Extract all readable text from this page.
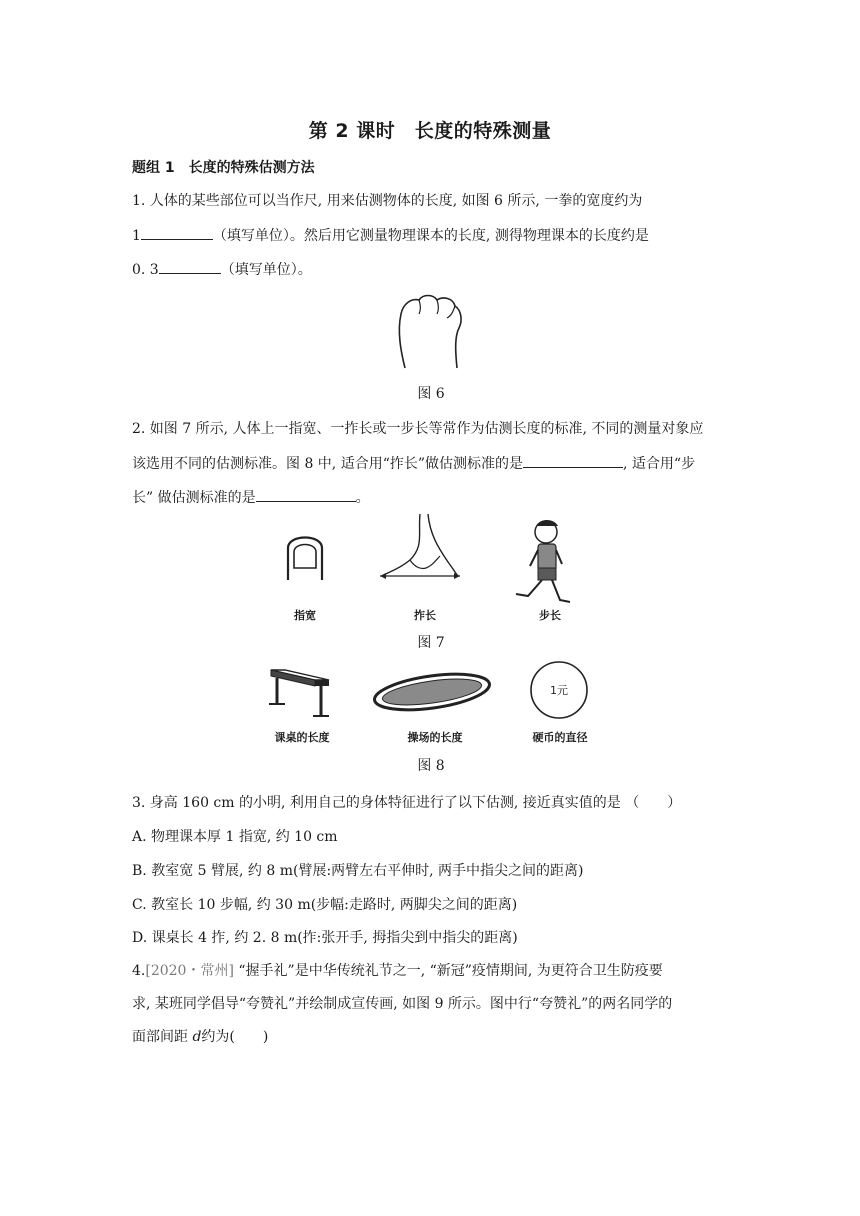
第 2 课时　长度的特殊测量
题组 1　长度的特殊估测方法
1. 人体的某些部位可以当作尺, 用来估测物体的长度, 如图 6 所示, 一拳的宽度约为
1	（填写单位）。然后用它测量物理课本的长度, 测得物理课本的长度约是
0. 3	（填写单位）。
图 6
2. 如图 7 所示, 人体上一指宽、一拃长或一步长等常作为估测长度的标准, 不同的测量对象应
该选用不同的估测标准。图 8 中, 适合用“拃长”做估测标准的是	, 适合用“步
长” 做估测标准的是	。
指宽	拃长	步长
图 7
1元
课桌的长度	操场的长度	硬币的直径
图 8
3. 身高 160 cm 的小明, 利用自己的身体特征进行了以下估测, 接近真实值的是 （　　）
A. 物理课本厚 1 指宽, 约 10 cm
B. 教室宽 5 臂展, 约 8 m(臂展:两臂左右平伸时, 两手中指尖之间的距离)
C. 教室长 10 步幅, 约 30 m(步幅:走路时, 两脚尖之间的距离)
D. 课桌长 4 拃, 约 2. 8 m(拃:张开手, 拇指尖到中指尖的距离)
4.[2020・常州] “握手礼”是中华传统礼节之一, “新冠”疫情期间, 为更符合卫生防疫要
求, 某班同学倡导“夸赞礼”并绘制成宣传画, 如图 9 所示。图中行“夸赞礼”的两名同学的
面部间距 d约为(　　)
